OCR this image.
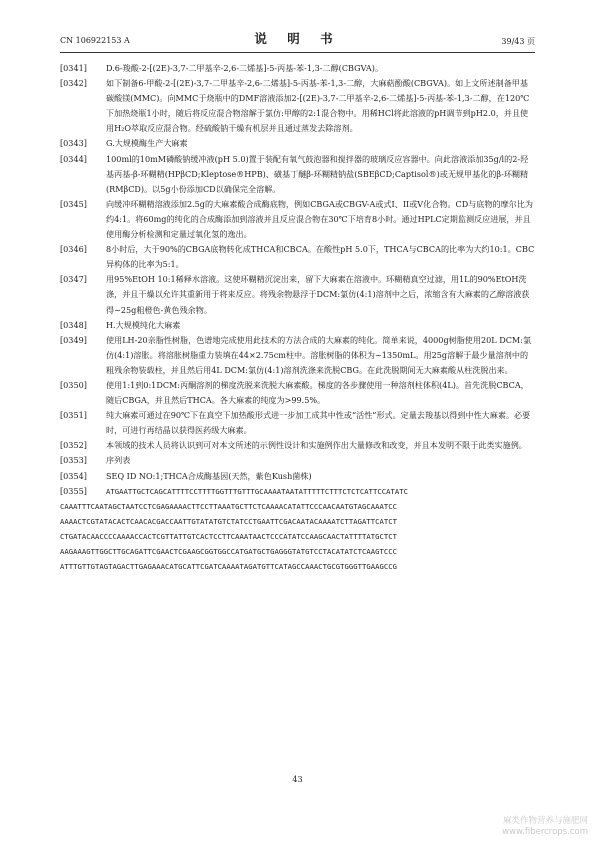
CN 106922153 A	说 明 书	39/43 页

[0341] D.6-羧酸-2-[(2E)-3,7-二甲基辛-2,6-二烯基]-5-丙基-苯-1,3-二醇(CBGVA)。

[0342] 如下制备6-甲酸-2-[(2E)-3,7-二甲基辛-2,6-二烯基]-5-丙基-苯-1,3-二醇，大麻萜酚酸(CBGVA)。如上文所述制备甲基碳酸镁(MMC)。向MMC于烧瓶中的DMF溶液添加2-[(2E)-3,7-二甲基辛-2,6-二烯基]-5-丙基-苯-1,3-二醇，在120℃下加热烧瓶1小时，随后将反应混合物溶解于氯仿:甲醇的2:1混合物中。用稀HCl将此溶液的pH调节到pH2.0，并且使用H₂O萃取反应混合物。经硫酸钠干燥有机层并且通过蒸发去除溶剂。

[0343] G.大规模酶生产大麻素

[0344] 100ml的10mM磷酸钠缓冲液(pH 5.0)置于装配有氧气鼓泡器和搅拌器的玻璃反应容器中。向此溶液添加35g/l的2-羟基丙基-β-环糊精(HPβCD;Kleptose®HPB)、磺基丁醚β-环糊精钠盐(SBEβCD;Captisol®)或无规甲基化的β-环糊精(RMβCD)。以5g小份添加CD以确保完全溶解。

[0345] 向缓冲环糊精溶液添加2.5g的大麻素酸合成酶底物，例如CBGA或CBGV-A或式I、II或V化合物。CD与底物的摩尔比为约4:1。将60mg的纯化的合成酶添加到溶液并且反应混合物在30℃下培育8小时。通过HPLC定期监测反应进展，并且使用酶分析检测和定量过氧化氢的逸出。

[0346] 8小时后，大于90%的CBGA底物转化成THCA和CBCA。在酸性pH 5.0下，THCA与CBCA的比率为大约10:1。CBC异构体的比率为5:1。

[0347] 用95%EtOH 10:1稀释水溶液。这使环糊精沉淀出来，留下大麻素在溶液中。环糊精真空过滤，用1L的90%EtOH洗涤，并且干燥以允许其重新用于将来反应。将残余物悬浮于DCM:氯仿(4:1)溶剂中之后，浓缩含有大麻素的乙醇溶液获得~25g粗橙色-黄色残余物。

[0348] H.大规模纯化大麻素

[0349] 使用LH-20亲脂性树脂，色谱地完成使用此技术的方法合成的大麻素的纯化。简单来说，4000g树脂使用20L DCM:氯仿(4:1)溶胀。将溶胀树脂重力装填在44×2.75cm柱中。溶胀树脂的体积为~1350mL。用25g溶解于最少量溶剂中的粗残余物装载柱，并且然后用4L DCM:氯仿(4:1)溶剂洗涤来洗脱CBG。在此洗脱期间无大麻素酸从柱洗脱出来。

[0350] 使用1:1到0:1DCM:丙酮溶剂的梯度洗脱来洗脱大麻素酸。梯度的各步骤使用一种溶剂柱体积(4L)。首先洗脱CBCA，随后CBGA，并且然后THCA。各大麻素的纯度为>99.5%。

[0351] 纯大麻素可通过在90℃下在真空下加热酸形式进一步加工成其中性或“活性”形式。定量去羧基以得到中性大麻素。必要时，可进行再结晶以获得医药级大麻素。

[0352] 本领域的技术人员将认识到可对本文所述的示例性设计和实施例作出大量修改和改变，并且本发明不限于此类实施例。

[0353] 序列表

[0354] SEQ ID NO:1;THCA合成酶基因(天然，紫色Kush菌株)

[0355]	ATGAATTGCTCAGCATTTTCCTTTTGGTTTGTTTGCAAAATAATATTTTTCTTTCTCTCATTCCATATC
CAAATTTCAATAGCTAATCCTCGAGAAAACTTCCTTAAATGCTTCTCAAAACATATTCCCAACAATGTAGCAAATCC
AAAACTCGTATACACTCAACACGACCAATTGTATATGTCTATCCTGAATTCGACAATACAAAATCTTAGATTCATCT
CTGATACAACCCCAAAACCACTCGTTATTGTCACTCCTTCAAATAACTCCCATATCCAAGCAACTATTTTATGCTCT
AAGAAAGTTGGCTTGCAGATTCGAACTCGAAGCGGTGGCCATGATGCTGAGGGTATGTCCTACATATCTCAAGTCCC
ATTTGTTGTAGTAGACTTGAGAAACATGCATTCGATCAAAATAGATGTTCATAGCCAAACTGCGTGGGTTGAAGCCG
43
麻类作物营养与施肥网
www.fibercrops.com
